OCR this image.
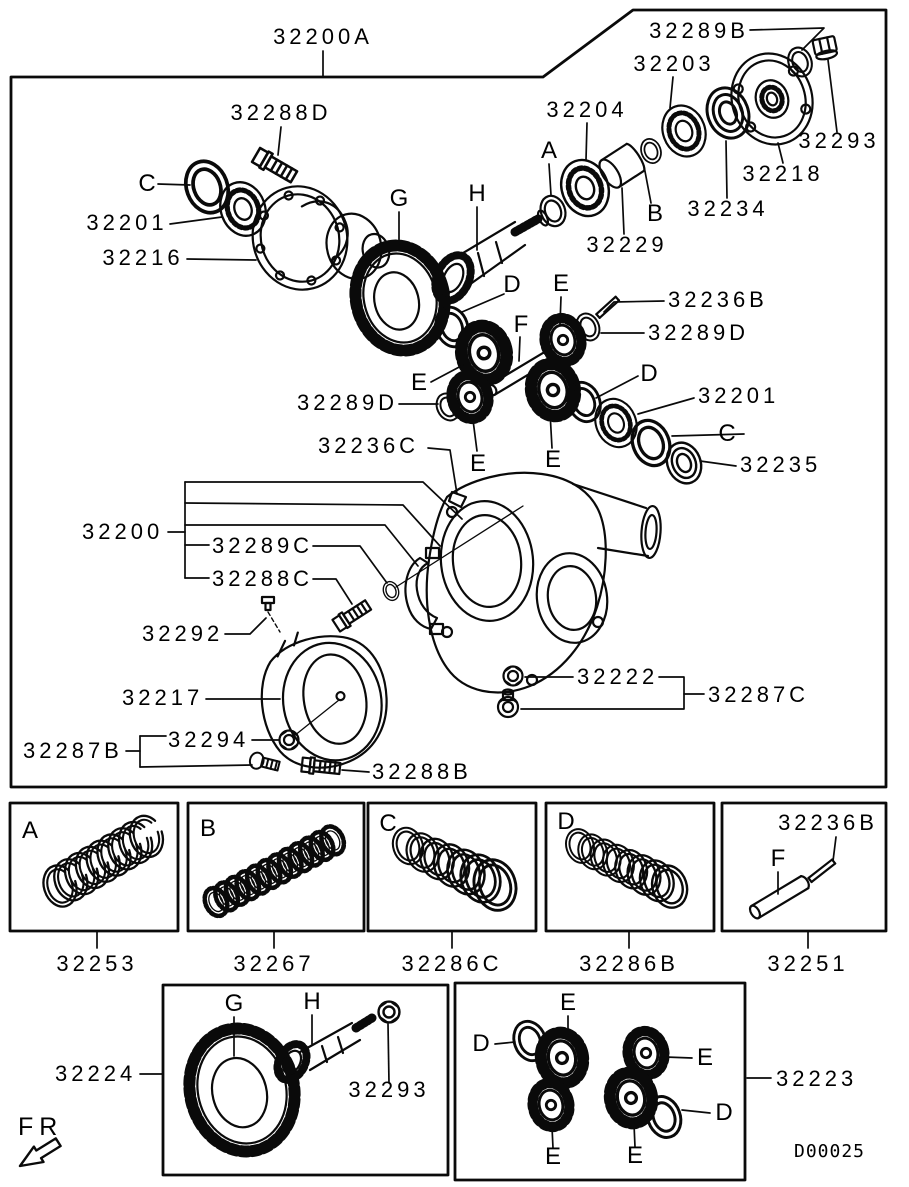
32200A
32288D
C
32201
32216
G H
A
32204
32203
32289B
32293
32218
32234
B
32229
D E
32236B
32289D
D
32201
C
32235
E
F
32289D
E E
32236C
32200
32289C
32288C
32292
32217
32294
32287B
32288B
32222
32287C
A	B	C	D	32236B
F
32253	32267	32286C	32286B	32251
32224
G H
32293
D
E
E
E	E
D
32223
D00025
FR
